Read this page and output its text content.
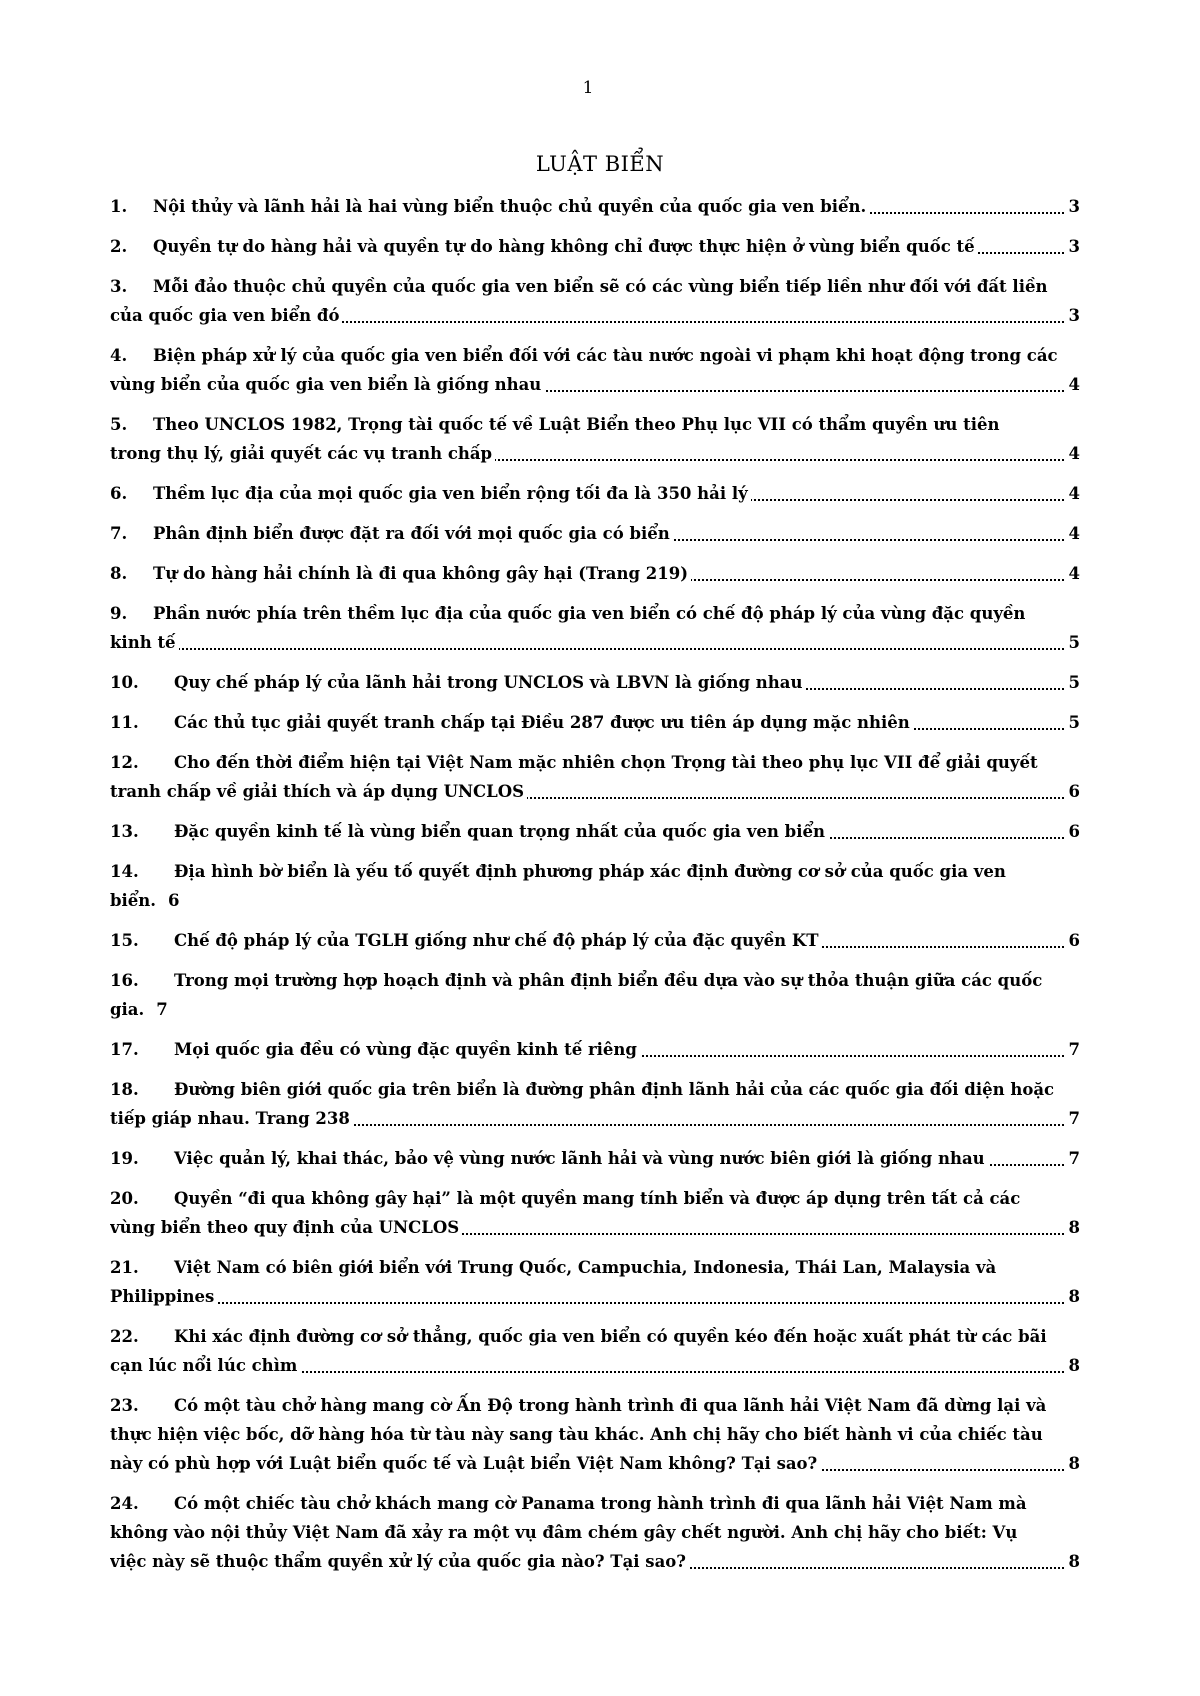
1
LUẬT BIỂN
1. Nội thủy và lãnh hải là hai vùng biển thuộc chủ quyền của quốc gia ven biển.	3
2. Quyền tự do hàng hải và quyền tự do hàng không chỉ được thực hiện ở vùng biển quốc tế	3
3. Mỗi đảo thuộc chủ quyền của quốc gia ven biển sẽ có các vùng biển tiếp liền như đối với đất liền
của quốc gia ven biển đó	3
4. Biện pháp xử lý của quốc gia ven biển đối với các tàu nước ngoài vi phạm khi hoạt động trong các
vùng biển của quốc gia ven biển là giống nhau	4
5. Theo UNCLOS 1982, Trọng tài quốc tế về Luật Biển theo Phụ lục VII có thẩm quyền ưu tiên
trong thụ lý, giải quyết các vụ tranh chấp	4
6. Thềm lục địa của mọi quốc gia ven biển rộng tối đa là 350 hải lý	4
7. Phân định biển được đặt ra đối với mọi quốc gia có biển	4
8. Tự do hàng hải chính là đi qua không gây hại (Trang 219)	4
9. Phần nước phía trên thềm lục địa của quốc gia ven biển có chế độ pháp lý của vùng đặc quyền
kinh tế	5
10. Quy chế pháp lý của lãnh hải trong UNCLOS và LBVN là giống nhau	5
11. Các thủ tục giải quyết tranh chấp tại Điều 287 được ưu tiên áp dụng mặc nhiên	5
12. Cho đến thời điểm hiện tại Việt Nam mặc nhiên chọn Trọng tài theo phụ lục VII để giải quyết
tranh chấp về giải thích và áp dụng UNCLOS	6
13. Đặc quyền kinh tế là vùng biển quan trọng nhất của quốc gia ven biển	6
14. Địa hình bờ biển là yếu tố quyết định phương pháp xác định đường cơ sở của quốc gia ven
biển. 6
15. Chế độ pháp lý của TGLH giống như chế độ pháp lý của đặc quyền KT	6
16. Trong mọi trường hợp hoạch định và phân định biển đều dựa vào sự thỏa thuận giữa các quốc
gia. 7
17. Mọi quốc gia đều có vùng đặc quyền kinh tế riêng	7
18. Đường biên giới quốc gia trên biển là đường phân định lãnh hải của các quốc gia đối diện hoặc
tiếp giáp nhau. Trang 238	7
19. Việc quản lý, khai thác, bảo vệ vùng nước lãnh hải và vùng nước biên giới là giống nhau	7
20. Quyền “đi qua không gây hại” là một quyền mang tính biển và được áp dụng trên tất cả các
vùng biển theo quy định của UNCLOS	8
21. Việt Nam có biên giới biển với Trung Quốc, Campuchia, Indonesia, Thái Lan, Malaysia và
Philippines	8
22. Khi xác định đường cơ sở thẳng, quốc gia ven biển có quyền kéo đến hoặc xuất phát từ các bãi
cạn lúc nổi lúc chìm	8
23. Có một tàu chở hàng mang cờ Ấn Độ trong hành trình đi qua lãnh hải Việt Nam đã dừng lại và
thực hiện việc bốc, dỡ hàng hóa từ tàu này sang tàu khác. Anh chị hãy cho biết hành vi của chiếc tàu
này có phù hợp với Luật biển quốc tế và Luật biển Việt Nam không? Tại sao?	8
24. Có một chiếc tàu chở khách mang cờ Panama trong hành trình đi qua lãnh hải Việt Nam mà
không vào nội thủy Việt Nam đã xảy ra một vụ đâm chém gây chết người. Anh chị hãy cho biết: Vụ
việc này sẽ thuộc thẩm quyền xử lý của quốc gia nào? Tại sao?	8
